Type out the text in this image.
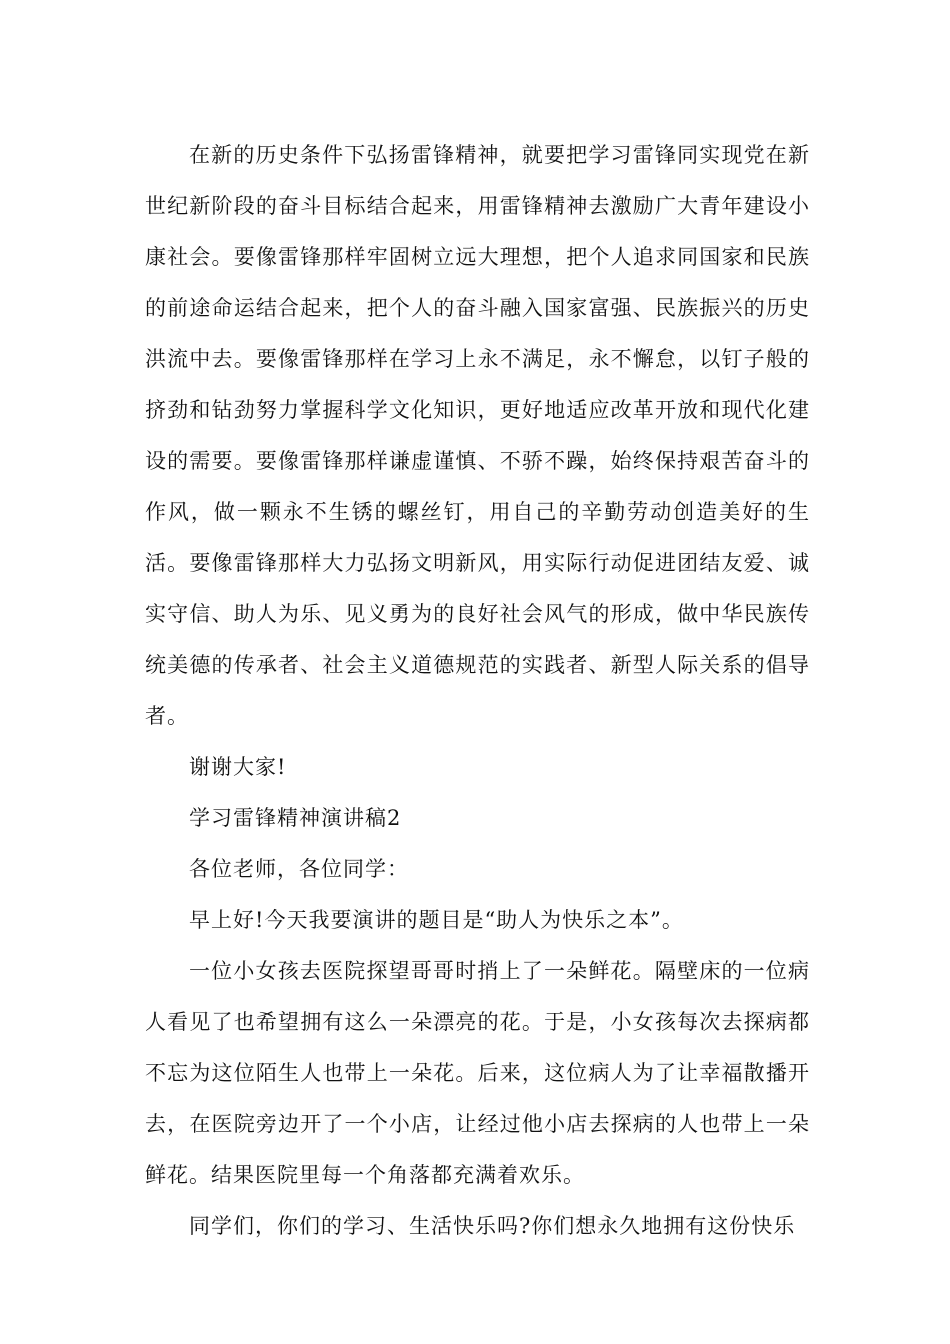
在新的历史条件下弘扬雷锋精神，就要把学习雷锋同实现党在新世纪新阶段的奋斗目标结合起来，用雷锋精神去激励广大青年建设小康社会。要像雷锋那样牢固树立远大理想，把个人追求同国家和民族的前途命运结合起来，把个人的奋斗融入国家富强、民族振兴的历史洪流中去。要像雷锋那样在学习上永不满足，永不懈怠，以钉子般的挤劲和钻劲努力掌握科学文化知识，更好地适应改革开放和现代化建设的需要。要像雷锋那样谦虚谨慎、不骄不躁，始终保持艰苦奋斗的作风，做一颗永不生锈的螺丝钉，用自己的辛勤劳动创造美好的生活。要像雷锋那样大力弘扬文明新风，用实际行动促进团结友爱、诚实守信、助人为乐、见义勇为的良好社会风气的形成，做中华民族传统美德的传承者、社会主义道德规范的实践者、新型人际关系的倡导者。

谢谢大家!

学习雷锋精神演讲稿2

各位老师，各位同学：

早上好!今天我要演讲的题目是“助人为快乐之本”。

一位小女孩去医院探望哥哥时捎上了一朵鲜花。隔壁床的一位病人看见了也希望拥有这么一朵漂亮的花。于是，小女孩每次去探病都不忘为这位陌生人也带上一朵花。后来，这位病人为了让幸福散播开去，在医院旁边开了一个小店，让经过他小店去探病的人也带上一朵鲜花。结果医院里每一个角落都充满着欢乐。

同学们，你们的学习、生活快乐吗?你们想永久地拥有这份快乐
